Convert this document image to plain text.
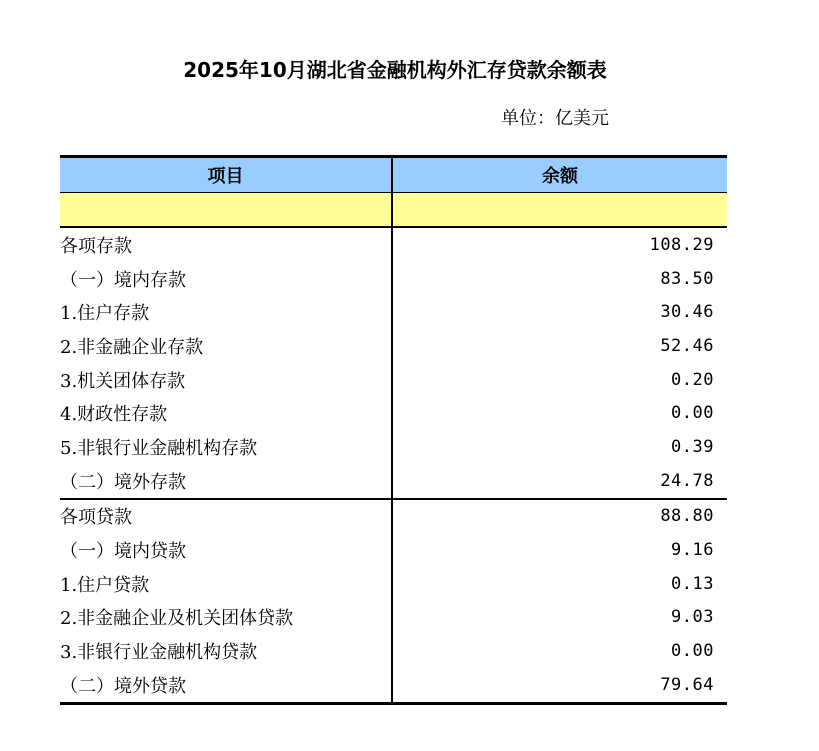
2025年10月湖北省金融机构外汇存贷款余额表
单位：亿美元
项目	余额

各项存款	108.29
（一）境内存款	83.50
1.住户存款	30.46
2.非金融企业存款	52.46
3.机关团体存款	0.20
4.财政性存款	0.00
5.非银行业金融机构存款	0.39
（二）境外存款	24.78
各项贷款	88.80
（一）境内贷款	9.16
1.住户贷款	0.13
2.非金融企业及机关团体贷款	9.03
3.非银行业金融机构贷款	0.00
（二）境外贷款	79.64
